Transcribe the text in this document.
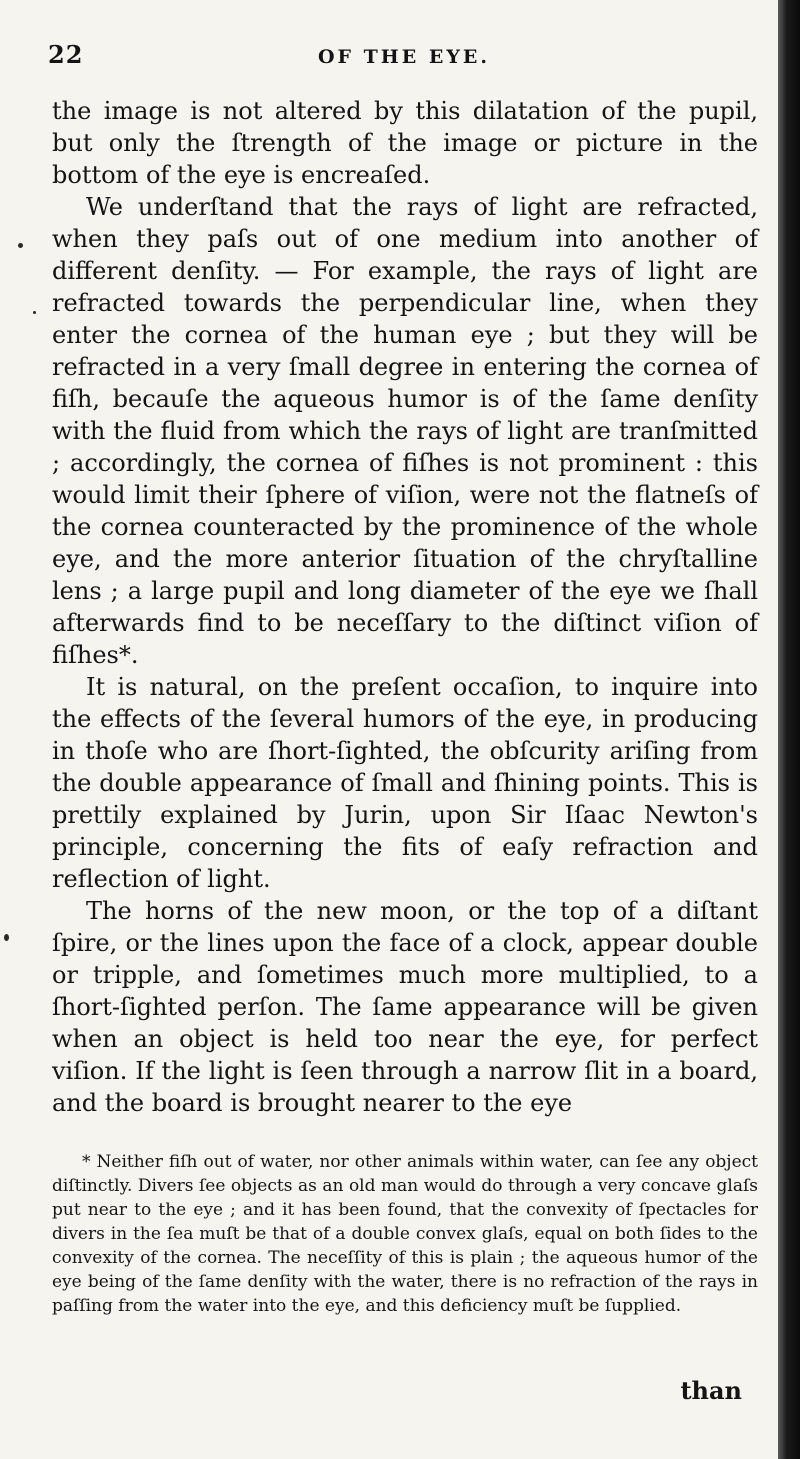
22	OF THE EYE.

the image is not altered by this dilatation of the pupil, but only the ſtrength of the image or picture in the bottom of the eye is encreaſed.

We underſtand that the rays of light are refracted, when they paſs out of one medium into another of different denſity. — For example, the rays of light are refracted towards the perpendicular line, when they enter the cornea of the human eye ; but they will be refracted in a very ſmall degree in entering the cornea of fiſh, becauſe the aqueous humor is of the ſame denſity with the fluid from which the rays of light are tranſmitted ; accordingly, the cornea of fiſhes is not prominent : this would limit their ſphere of viſion, were not the flatneſs of the cornea counteracted by the prominence of the whole eye, and the more anterior ſituation of the chryſtalline lens ; a large pupil and long diameter of the eye we ſhall afterwards find to be neceſſary to the diſtinct viſion of fiſhes*.

It is natural, on the preſent occaſion, to inquire into the effects of the ſeveral humors of the eye, in producing in thoſe who are ſhort-ſighted, the obſcurity ariſing from the double appearance of ſmall and ſhining points. This is prettily explained by Jurin, upon Sir Iſaac Newton's principle, concerning the fits of eaſy refraction and reflection of light.

The horns of the new moon, or the top of a diſtant ſpire, or the lines upon the face of a clock, appear double or tripple, and ſometimes much more multiplied, to a ſhort-ſighted perſon. The ſame appearance will be given when an object is held too near the eye, for perfect viſion. If the light is ſeen through a narrow ſlit in a board, and the board is brought nearer to the eye

* Neither fiſh out of water, nor other animals within water, can ſee any object diſtinctly. Divers ſee objects as an old man would do through a very concave glaſs put near to the eye ; and it has been found, that the convexity of ſpectacles for divers in the ſea muſt be that of a double convex glaſs, equal on both ſides to the convexity of the cornea. The neceſſity of this is plain ; the aqueous humor of the eye being of the ſame denſity with the water, there is no refraction of the rays in paſſing from the water into the eye, and this deficiency muſt be ſupplied.

than
